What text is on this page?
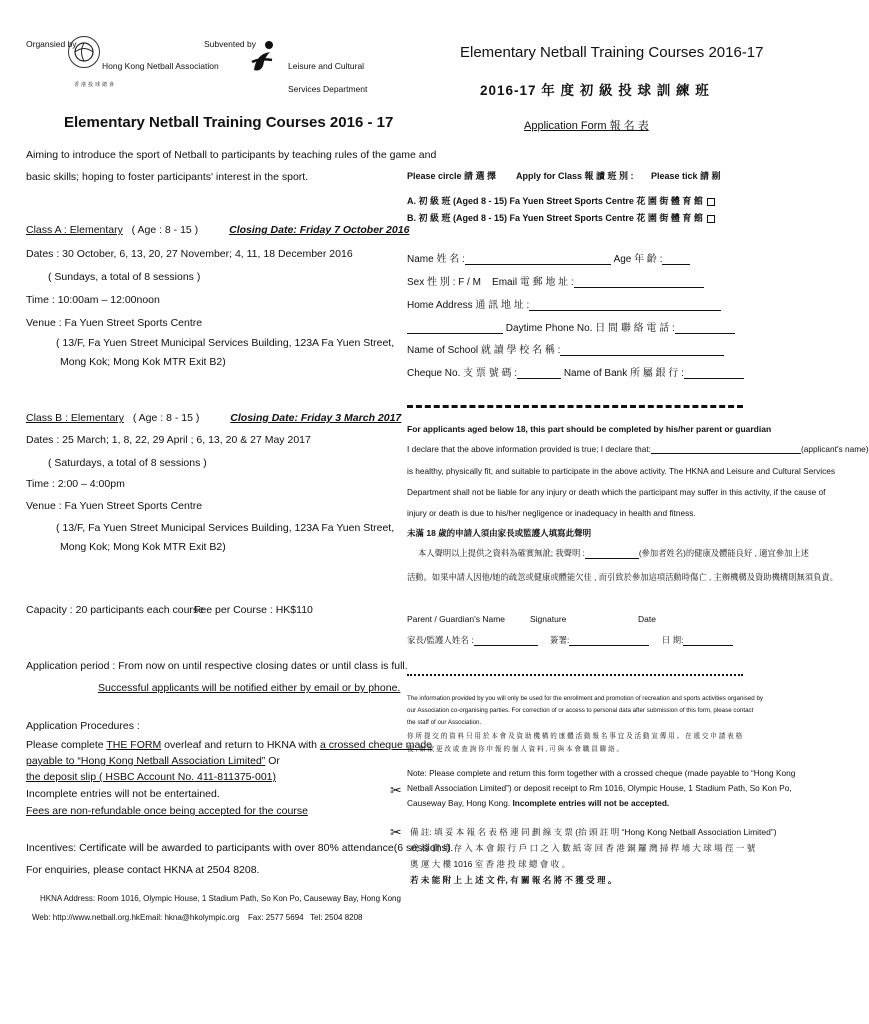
Organsied by
Hong Kong Netball Association
香港投球總會
Subvented by
Leisure and Cultural
Services Department
Elementary Netball Training Courses 2016 - 17
Aiming to introduce the sport of Netball to participants by teaching rules of the game and
basic skills; hoping to foster participants' interest in the sport.
Class A : Elementary ( Age : 8 - 15 )	Closing Date: Friday 7 October 2016
Dates : 30 October, 6, 13, 20, 27 November; 4, 11, 18 December 2016
( Sundays, a total of 8 sessions )
Time : 10:00am – 12:00noon
Venue : Fa Yuen Street Sports Centre
( 13/F, Fa Yuen Street Municipal Services Building, 123A Fa Yuen Street,
Mong Kok; Mong Kok MTR Exit B2)
Class B : Elementary ( Age : 8 - 15 )	Closing Date: Friday 3 March 2017
Dates : 25 March; 1, 8, 22, 29 April ; 6, 13, 20 & 27 May 2017
( Saturdays, a total of 8 sessions )
Time : 2:00 – 4:00pm
Venue : Fa Yuen Street Sports Centre
( 13/F, Fa Yuen Street Municipal Services Building, 123A Fa Yuen Street,
Mong Kok; Mong Kok MTR Exit B2)
Capacity : 20 participants each course
Fee per Course : HK$110
Application period : From now on until respective closing dates or until class is full.
Successful applicants will be notified either by email or by phone.
Application Procedures :
Please complete THE FORM overleaf and return to HKNA with a crossed cheque made
payable to “Hong Kong Netball Association Limited” Or
the deposit slip ( HSBC Account No. 411-811375-001)
Incomplete entries will not be entertained.
Fees are non-refundable once being accepted for the course
Incentives: Certificate will be awarded to participants with over 80% attendance(6 sessions).
For enquiries, please contact HKNA at 2504 8208.
HKNA Address: Room 1016, Olympic House, 1 Stadium Path, So Kon Po, Causeway Bay, Hong Kong
Web: http://www.netball.org.hk Email: hkna@hkolympic.org Fax: 2577 5694 Tel: 2504 8208
Elementary Netball Training Courses 2016-17
2016-17 年 度 初 級 投 球 訓 練 班
Application Form 報 名 表
Please circle 請 選 擇 Apply for Class 報 讀 班 別 : Please tick 請 剔
A. 初 級 班 (Aged 8 - 15) Fa Yuen Street Sports Centre 花 園 街 體 育 館
B. 初 級 班 (Aged 8 - 15) Fa Yuen Street Sports Centre 花 園 街 體 育 館
Name 姓 名 :	Age 年 齡 :
Sex 性 別 : F / M Email 電 郵 地 址 :
Home Address 通 訊 地 址 :
Daytime Phone No. 日 間 聯 絡 電 話 :
Name of School 就 讀 學 校 名 稱 :
Cheque No. 支 票 號 碼 :	Name of Bank 所 屬 銀 行 :
For applicants aged below 18, this part should be completed by his/her parent or guardian
I declare that the above information provided is true; I declare that:	(applicant's name)
is healthy, physically fit, and suitable to participate in the above activity. The HKNA and Leisure and Cultural Services
Department shall not be liable for any injury or death which the participant may suffer in this activity, if the cause of
injury or death is due to his/her negligence or inadequacy in health and fitness.
未滿 18 歲的申請人須由家長或監護人填寫此聲明
本人聲明以上提供之資料為確實無訛; 我聲明 :	(參加者姓名)的健康及體能良好 , 適宜參加上述
活動。如果申請人因他/她的疏忽或健康或體能欠佳 , 而引致於參加這項活動時傷亡 , 主辦機構及資助機構則無須負責。
Parent / Guardian's Name	Signature	Date
家長/監護人姓名 :	簽署:	日 期:
The information provided by you will only be used for the enrollment and promotion of recreation and sports activities organised by
our Association co-organising parties. For correction of or access to personal data after submission of this form, please contact
the staff of our Association.
你 所 提 交 的 資 料 只 用 於 本 會 及 資 助 機 構 的 康 體 活 動 報 名 事 宜 及 活 動 宣 傳 用 。 在 遞 交 申 請 表 格
後 , 如 欲 更 改 或 查 詢 你 申 報 的 個 人 資 料 , 可 與 本 會 職 員 聯 絡 。
Note: Please complete and return this form together with a crossed cheque (made payable to “Hong Kong
Netball Association Limited”) or deposit receipt to Rm 1016, Olympic House, 1 Stadium Path, So Kon Po,
Causeway Bay, Hong Kong. Incomplete entries will not be accepted.
✂
✂ 備 註: 填 妥 本 報 名 表 格 連 同 劃 線 支 票 (抬 頭 註 明 “Hong Kong Netball Association Limited”)
或 將 費 用 存 入 本 會 銀 行 戶 口 之 入 數 紙 寄 回 香 港 銅 鑼 灣 掃 桿 埔 大 球 場 徑 一 號
奧 運 大 樓 1016 室 香 港 投 球 總 會 收 。
若 未 能 附 上 上 述 文 件, 有 關 報 名 將 不 獲 受 理 。
